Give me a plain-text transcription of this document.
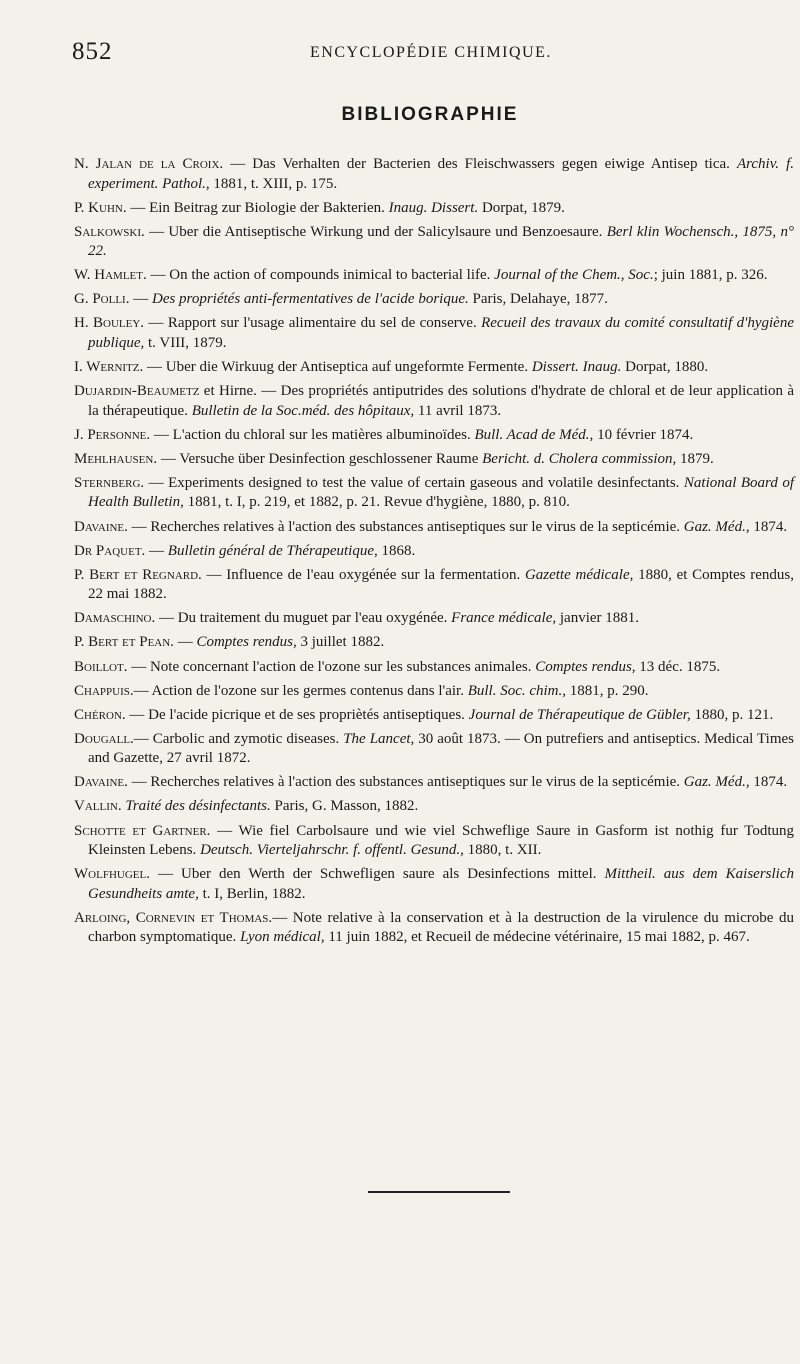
852	ENCYCLOPÉDIE CHIMIQUE.
BIBLIOGRAPHIE
N. Jalan de la Croix. — Das Verhalten der Bacterien des Fleischwassers gegen eiwige Antisep tica. Archiv. f. experiment. Pathol., 1881, t. XIII, p. 175.
P. Kuhn. — Ein Beitrag zur Biologie der Bakterien. Inaug. Dissert. Dorpat, 1879.
Salkowski. — Uber die Antiseptische Wirkung und der Salicylsaure und Benzoesaure. Berl klin Wochensch., 1875, n° 22.
W. Hamlet. — On the action of compounds inimical to bacterial life. Journal of the Chem., Soc.; juin 1881, p. 326.
G. Polli. — Des propriétés anti-fermentatives de l'acide borique. Paris, Delahaye, 1877.
H. Bouley. — Rapport sur l'usage alimentaire du sel de conserve. Recueil des travaux du comité consultatif d'hygiène publique, t. VIII, 1879.
I. Wernitz. — Uber die Wirkuug der Antiseptica auf ungeformte Fermente. Dissert. Inaug. Dorpat, 1880.
Dujardin-Beaumetz et Hirne. — Des propriétés antiputrides des solutions d'hydrate de chloral et de leur application à la thérapeutique. Bulletin de la Soc.méd. des hôpitaux, 11 avril 1873.
J. Personne. — L'action du chloral sur les matières albuminoïdes. Bull. Acad de Méd., 10 février 1874.
Mehlhausen. — Versuche über Desinfection geschlossener Raume Bericht. d. Cholera commission, 1879.
Sternberg. — Experiments designed to test the value of certain gaseous and volatile desinfectants. National Board of Health Bulletin, 1881, t. I, p. 219, et 1882, p. 21. Revue d'hygiène, 1880, p. 810.
Davaine. — Recherches relatives à l'action des substances antiseptiques sur le virus de la septicémie. Gaz. Méd., 1874.
Dr Paquet. — Bulletin général de Thérapeutique, 1868.
P. Bert et Regnard. — Influence de l'eau oxygénée sur la fermentation. Gazette médicale, 1880, et Comptes rendus, 22 mai 1882.
Damaschino. — Du traitement du muguet par l'eau oxygénée. France médicale, janvier 1881.
P. Bert et Pean. — Comptes rendus, 3 juillet 1882.
Boillot. — Note concernant l'action de l'ozone sur les substances animales. Comptes rendus, 13 déc. 1875.
Chappuis.— Action de l'ozone sur les germes contenus dans l'air. Bull. Soc. chim., 1881, p. 290.
Chéron. — De l'acide picrique et de ses propriètés antiseptiques. Journal de Thérapeutique de Gübler, 1880, p. 121.
Dougall.— Carbolic and zymotic diseases. The Lancet, 30 août 1873. — On putrefiers and antiseptics. Medical Times and Gazette, 27 avril 1872.
Davaine. — Recherches relatives à l'action des substances antiseptiques sur le virus de la septicémie. Gaz. Méd., 1874.
Vallin. Traité des désinfectants. Paris, G. Masson, 1882.
Schotte et Gartner. — Wie fiel Carbolsaure und wie viel Schweflige Saure in Gasform ist nothig fur Todtung Kleinsten Lebens. Deutsch. Vierteljahrschr. f. offentl. Gesund., 1880, t. XII.
Wolfhugel. — Uber den Werth der Schwefligen saure als Desinfections mittel. Mittheil. aus dem Kaiserslich Gesundheits amte, t. I, Berlin, 1882.
Arloing, Cornevin et Thomas.— Note relative à la conservation et à la destruction de la virulence du microbe du charbon symptomatique. Lyon médical, 11 juin 1882, et Recueil de médecine vétérinaire, 15 mai 1882, p. 467.
